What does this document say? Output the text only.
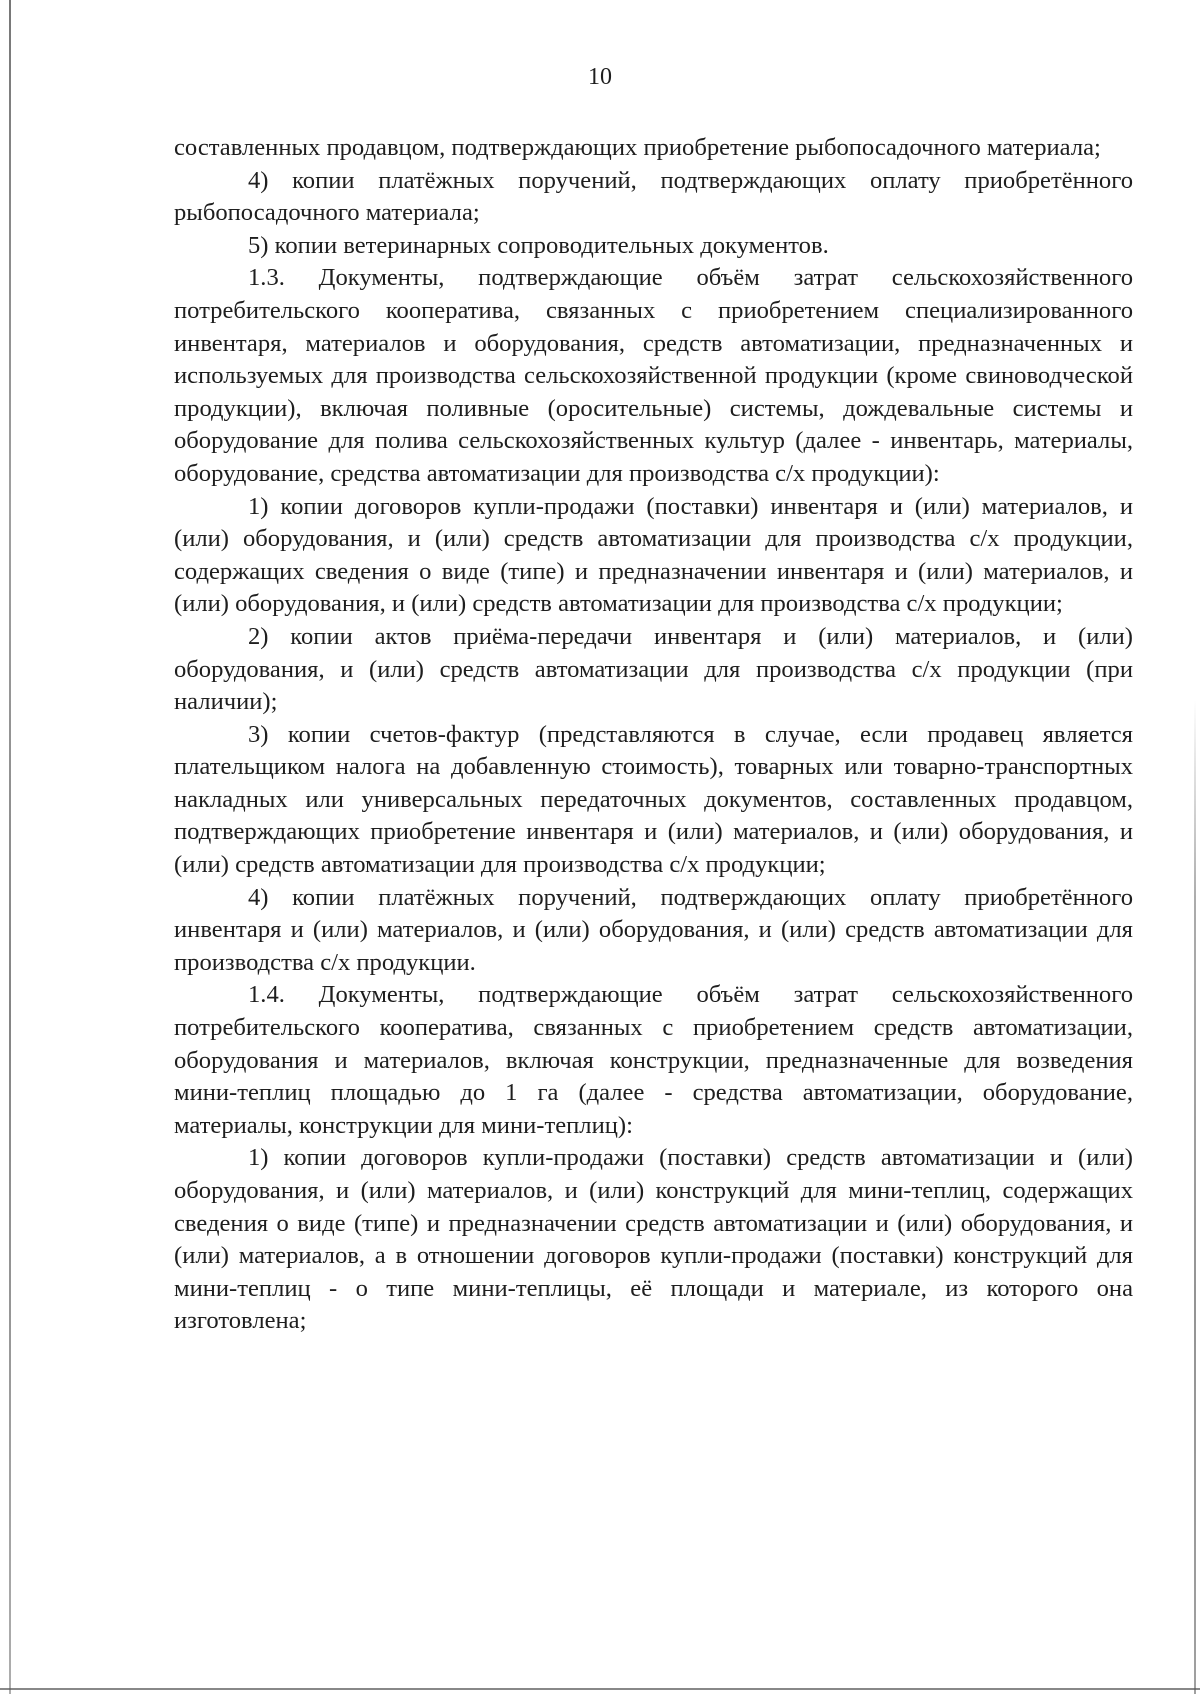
10

составленных продавцом, подтверждающих приобретение рыбопосадочного материала;

4) копии платёжных поручений, подтверждающих оплату приобретённого рыбопосадочного материала;

5) копии ветеринарных сопроводительных документов.

1.3. Документы, подтверждающие объём затрат сельскохозяйственного потребительского кооператива, связанных с приобретением специализированного инвентаря, материалов и оборудования, средств автоматизации, предназначенных и используемых для производства сельскохозяйственной продукции (кроме свиноводческой продукции), включая поливные (оросительные) системы, дождевальные системы и оборудование для полива сельскохозяйственных культур (далее - инвентарь, материалы, оборудование, средства автоматизации для производства с/х продукции):

1) копии договоров купли-продажи (поставки) инвентаря и (или) материалов, и (или) оборудования, и (или) средств автоматизации для производства с/х продукции, содержащих сведения о виде (типе) и предназначении инвентаря и (или) материалов, и (или) оборудования, и (или) средств автоматизации для производства с/х продукции;

2) копии актов приёма-передачи инвентаря и (или) материалов, и (или) оборудования, и (или) средств автоматизации для производства с/х продукции (при наличии);

3) копии счетов-фактур (представляются в случае, если продавец является плательщиком налога на добавленную стоимость), товарных или товарно-транспортных накладных или универсальных передаточных документов, составленных продавцом, подтверждающих приобретение инвентаря и (или) материалов, и (или) оборудования, и (или) средств автоматизации для производства с/х продукции;

4) копии платёжных поручений, подтверждающих оплату приобретённого инвентаря и (или) материалов, и (или) оборудования, и (или) средств автоматизации для производства с/х продукции.

1.4. Документы, подтверждающие объём затрат сельскохозяйственного потребительского кооператива, связанных с приобретением средств автоматизации, оборудования и материалов, включая конструкции, предназначенные для возведения мини-теплиц площадью до 1 га (далее - средства автоматизации, оборудование, материалы, конструкции для мини-теплиц):

1) копии договоров купли-продажи (поставки) средств автоматизации и (или) оборудования, и (или) материалов, и (или) конструкций для мини-теплиц, содержащих сведения о виде (типе) и предназначении средств автоматизации и (или) оборудования, и (или) материалов, а в отношении договоров купли-продажи (поставки) конструкций для мини-теплиц - о типе мини-теплицы, её площади и материале, из которого она изготовлена;
